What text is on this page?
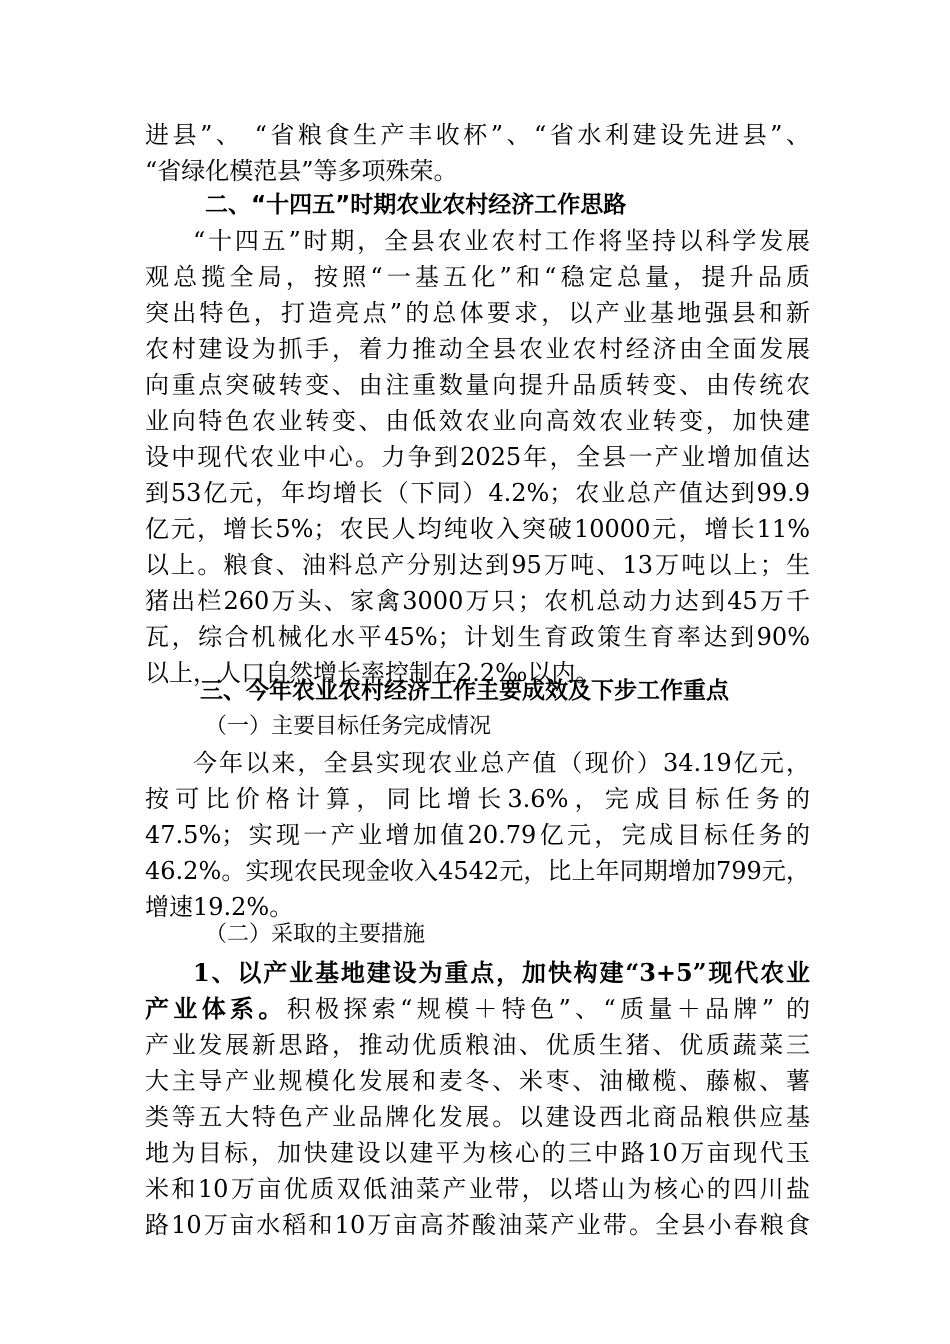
进县”、 “省粮食生产丰收杯”、“省水利建设先进县”、
“省绿化模范县”等多项殊荣。
二、“十四五”时期农业农村经济工作思路
“十四五”时期，全县农业农村工作将坚持以科学发展
观总揽全局，按照“一基五化”和“稳定总量，提升品质
突出特色，打造亮点”的总体要求，以产业基地强县和新
农村建设为抓手，着力推动全县农业农村经济由全面发展
向重点突破转变、由注重数量向提升品质转变、由传统农
业向特色农业转变、由低效农业向高效农业转变，加快建
设中现代农业中心。力争到2025年，全县一产业增加值达
到53亿元，年均增长（下同）4.2%；农业总产值达到99.9
亿元，增长5%；农民人均纯收入突破10000元，增长11%
以上。粮食、油料总产分别达到95万吨、13万吨以上；生
猪出栏260万头、家禽3000万只；农机总动力达到45万千
瓦，综合机械化水平45%；计划生育政策生育率达到90%
以上，人口自然增长率控制在2.2‰以内。
三、今年农业农村经济工作主要成效及下步工作重点
（一）主要目标任务完成情况
今年以来，全县实现农业总产值（现价）34.19亿元，
按可比价格计算，同比增长3.6%，完成目标任务的
47.5%；实现一产业增加值20.79亿元，完成目标任务的
46.2%。实现农民现金收入4542元，比上年同期增加799元，
增速19.2%。
（二）采取的主要措施
1、以产业基地建设为重点，加快构建“3+5”现代农业
产业体系。积极探索“规模＋特色”、“质量＋品牌” 的
产业发展新思路，推动优质粮油、优质生猪、优质蔬菜三
大主导产业规模化发展和麦冬、米枣、油橄榄、藤椒、薯
类等五大特色产业品牌化发展。以建设西北商品粮供应基
地为目标，加快建设以建平为核心的三中路10万亩现代玉
米和10万亩优质双低油菜产业带，以塔山为核心的四川盐
路10万亩水稻和10万亩高芥酸油菜产业带。全县小春粮食
